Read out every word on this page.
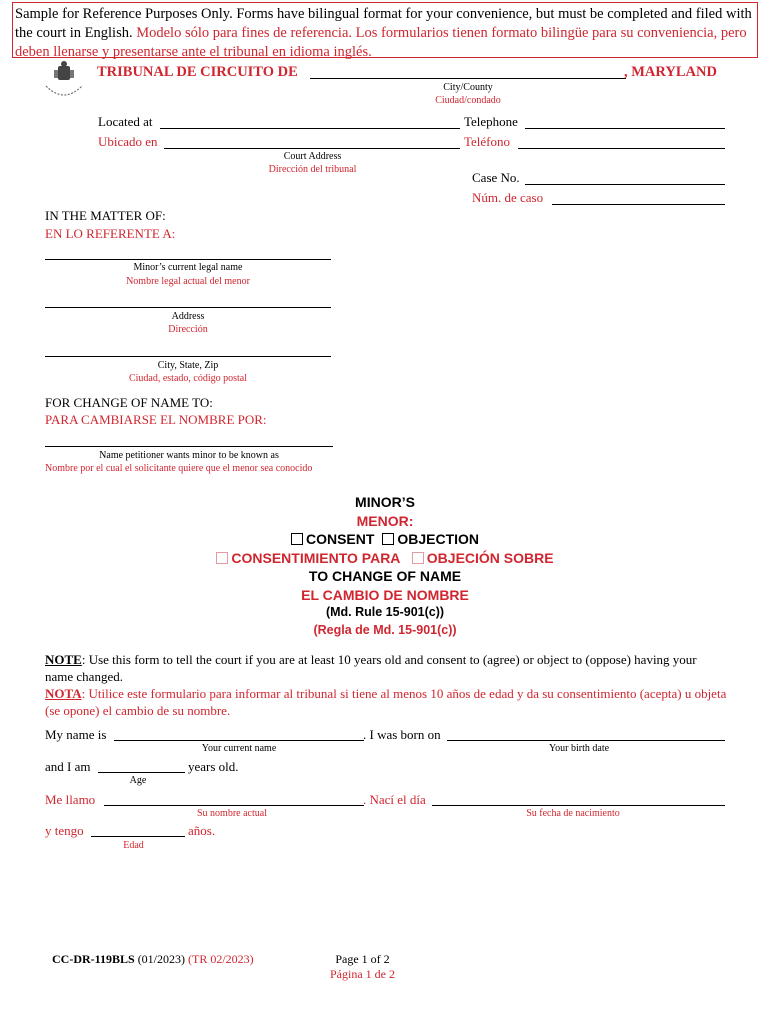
Sample for Reference Purposes Only. Forms have bilingual format for your convenience, but must be completed and filed with the court in English. Modelo sólo para fines de referencia. Los formularios tienen formato bilingüe para su conveniencia, pero deben llenarse y presentarse ante el tribunal en idioma inglés.
TRIBUNAL DE CIRCUITO DE	, MARYLAND
City/County
Ciudad/condado
Located at	Telephone
Ubicado en	Teléfono
Court Address
Dirección del tribunal
Case No.
Núm. de caso
IN THE MATTER OF:
EN LO REFERENTE A:
Minor’s current legal name
Nombre legal actual del menor
Address
Dirección
City, State, Zip
Ciudad, estado, código postal
FOR CHANGE OF NAME TO:
PARA CAMBIARSE EL NOMBRE POR:
Name petitioner wants minor to be known as
Nombre por el cual el solicitante quiere que el menor sea conocido
MINOR’S
MENOR:
CONSENT OBJECTION
CONSENTIMIENTO PARA OBJECIÓN SOBRE
TO CHANGE OF NAME
EL CAMBIO DE NOMBRE
(Md. Rule 15-901(c))
(Regla de Md. 15-901(c))
NOTE: Use this form to tell the court if you are at least 10 years old and consent to (agree) or object to (oppose) having your name changed.
NOTA: Utilice este formulario para informar al tribunal si tiene al menos 10 años de edad y da su consentimiento (acepta) u objeta (se opone) el cambio de su nombre.
My name is	. I was born on
Your current name	Your birth date
and I am	years old.
Age
Me llamo	. Nací el día
Su nombre actual	Su fecha de nacimiento
y tengo	años.
Edad
CC-DR-119BLS (01/2023) (TR 02/2023)	Page 1 of 2
Página 1 de 2
